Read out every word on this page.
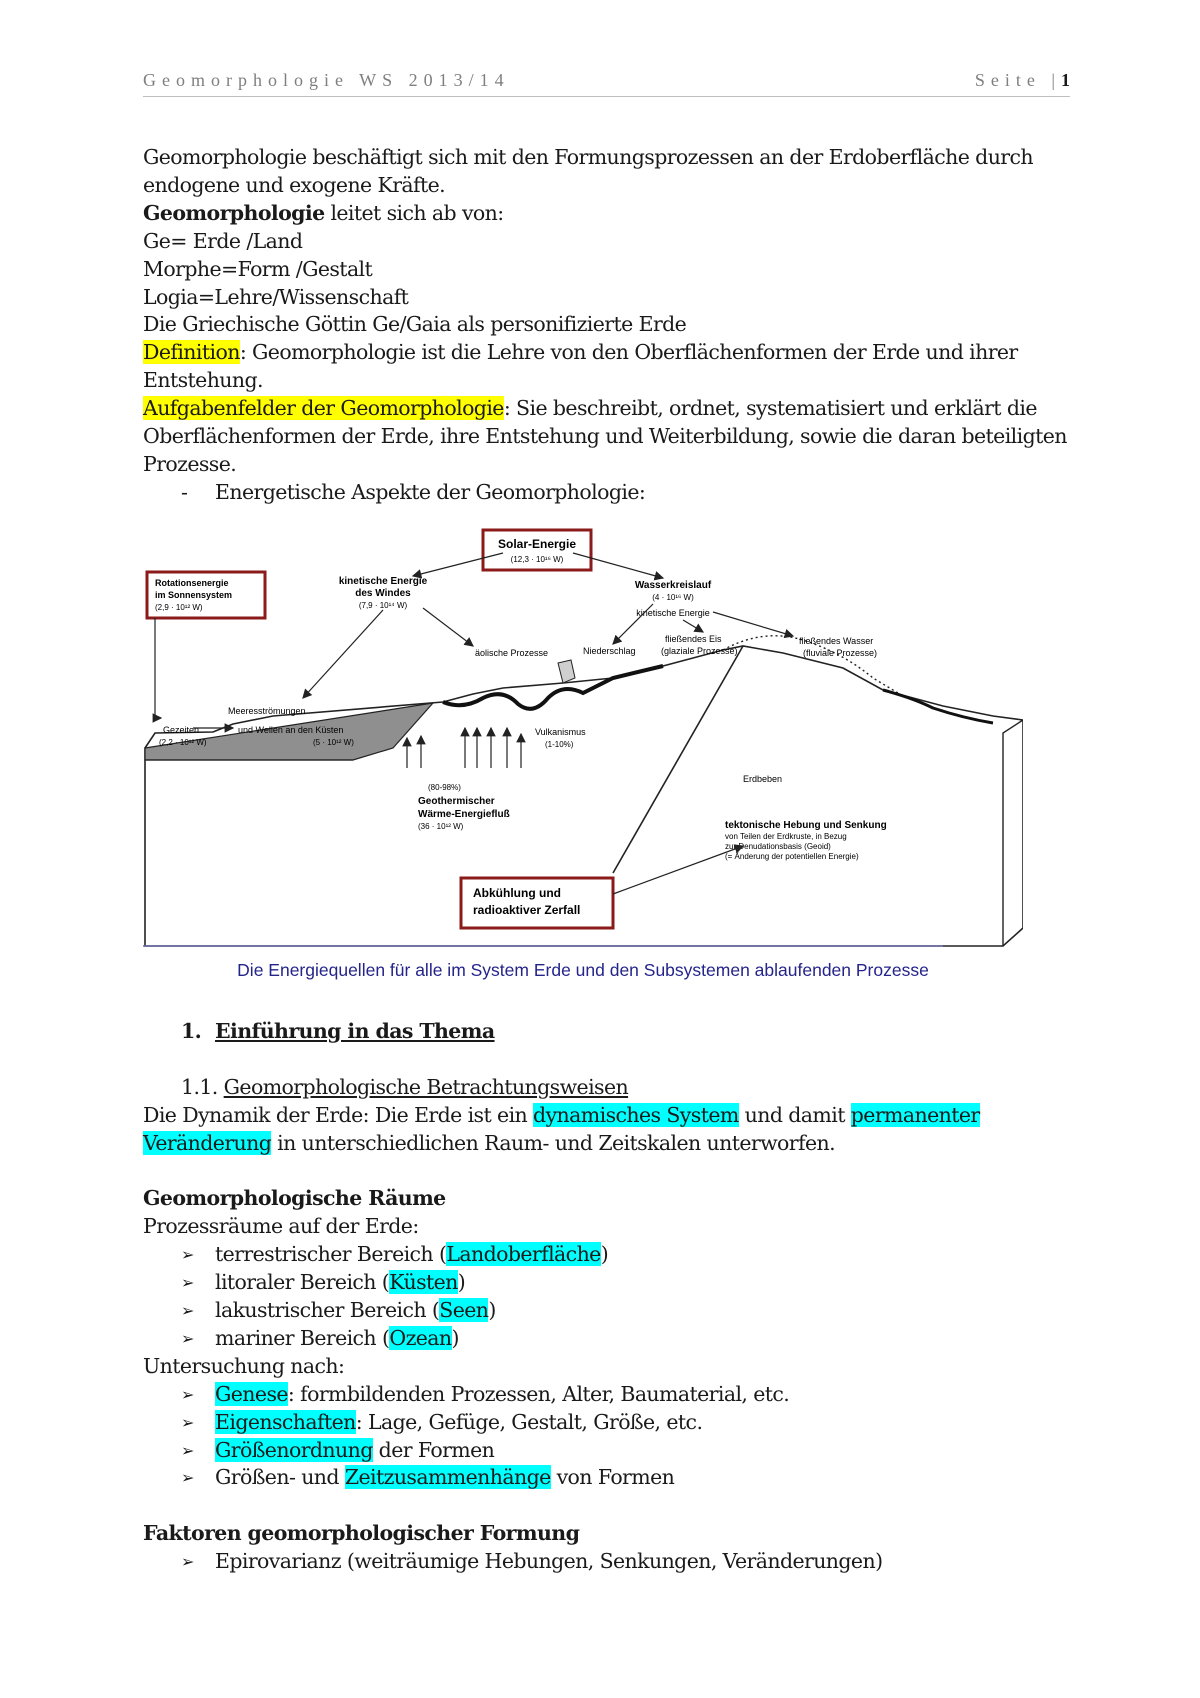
Geomorphologie WS 2013/14	Seite |1

Geomorphologie beschäftigt sich mit den Formungsprozessen an der Erdoberfläche durch

endogene und exogene Kräfte.

Geomorphologie leitet sich ab von:

Ge= Erde /Land

Morphe=Form /Gestalt

Logia=Lehre/Wissenschaft

Die Griechische Göttin Ge/Gaia als personifizierte Erde

Definition: Geomorphologie ist die Lehre von den Oberflächenformen der Erde und ihrer

Entstehung.

Aufgabenfelder der Geomorphologie: Sie beschreibt, ordnet, systematisiert und erklärt die

Oberflächenformen der Erde, ihre Entstehung und Weiterbildung, sowie die daran beteiligten

Prozesse.

- Energetische Aspekte der Geomorphologie:

Solar-Energie
(12,3 · 10¹⁶ W)
Rotationsenergie
im Sonnensystem
(2,9 · 10¹² W)
Abkühlung und
radioaktiver Zerfall
kinetische Energie
des Windes
(7,9 · 10¹⁴ W)
Wasserkreislauf
(4 · 10¹⁶ W)
kinetische Energie
äolische Prozesse	Niederschlag
fließendes Eis
(glaziale Prozesse)
fließendes Wasser
(fluviale Prozesse)
Meeresströmungen
Gezeiten
(2,2 · 10¹² W)
und Wellen an den Küsten
(5 · 10¹² W)
Vulkanismus
(1-10%)
(80-98%)
Geothermischer
Wärme-Energiefluß
(36 · 10¹² W)
Erdbeben
tektonische Hebung und Senkung
von Teilen der Erdkruste, in Bezug
zur Denudationsbasis (Geoid)
(= Änderung der potentiellen Energie)
Die Energiequellen für alle im System Erde und den Subsystemen ablaufenden Prozesse

1. Einführung in das Thema

1.1. Geomorphologische Betrachtungsweisen

Die Dynamik der Erde: Die Erde ist ein dynamisches System und damit permanenter

Veränderung in unterschiedlichen Raum- und Zeitskalen unterworfen.

Geomorphologische Räume

Prozessräume auf der Erde:

➢ terrestrischer Bereich (Landoberfläche)

➢ litoraler Bereich (Küsten)

➢ lakustrischer Bereich (Seen)

➢ mariner Bereich (Ozean)

Untersuchung nach:

➢ Genese: formbildenden Prozessen, Alter, Baumaterial, etc.

➢ Eigenschaften: Lage, Gefüge, Gestalt, Größe, etc.

➢ Größenordnung der Formen

➢ Größen- und Zeitzusammenhänge von Formen

Faktoren geomorphologischer Formung

➢ Epirovarianz (weiträumige Hebungen, Senkungen, Veränderungen)
